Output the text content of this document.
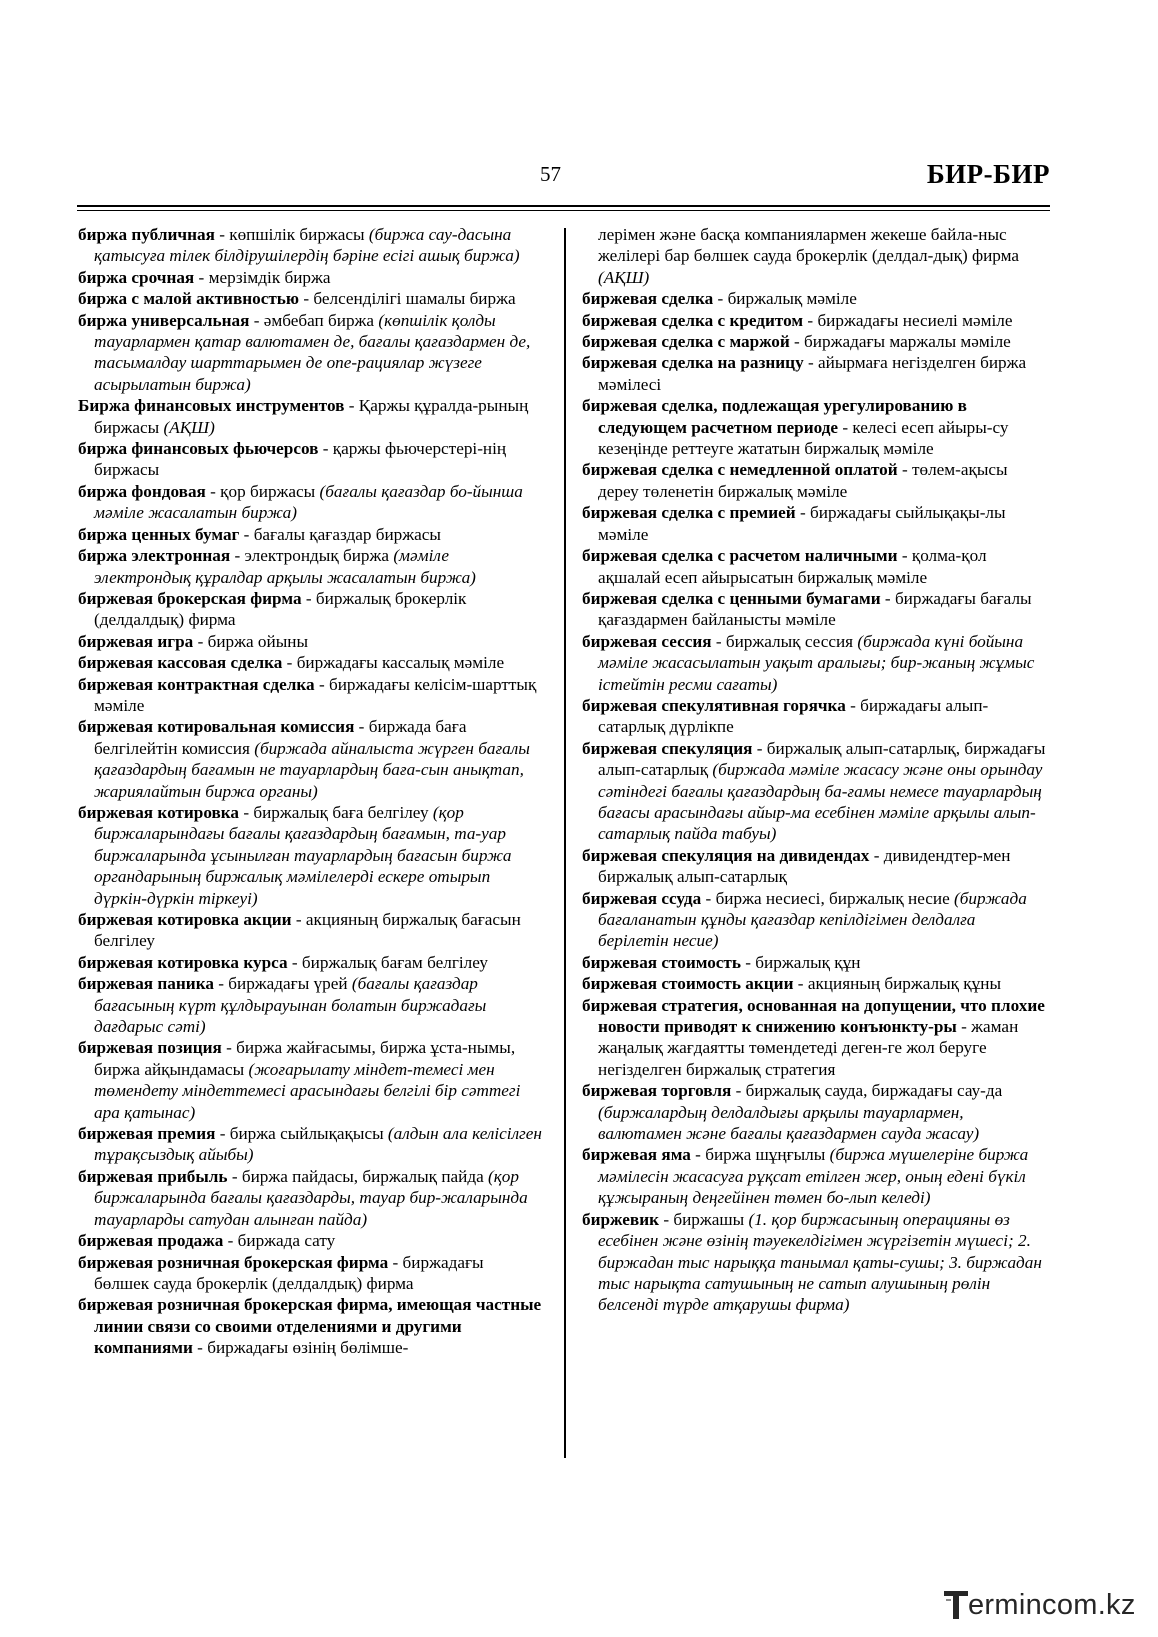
57	БИР-БИР

биржа публичная - көпшілік биржасы (биржа сау-дасына қатысуға тілек білдірушілердің бәріне есігі ашық биржа)

биржа срочная - мерзімдік биржа

биржа с малой активностью - белсенділігі шамалы биржа

биржа универсальная - әмбебап биржа (көпшілік қолды тауарлармен қатар валютамен де, бағалы қағаздармен де, тасымалдау шарттарымен де опе-рациялар жүзеге асырылатын биржа)

Биржа финансовых инструментов - Қаржы құралда-рының биржасы (АҚШ)

биржа финансовых фьючерсов - қаржы фьючерстері-нің биржасы

биржа фондовая - қор биржасы (бағалы қағаздар бо-йынша мәміле жасалатын биржа)

биржа ценных бумаг - бағалы қағаздар биржасы

биржа электронная - электрондық биржа (мәміле электрондық құралдар арқылы жасалатын биржа)

биржевая брокерская фирма - биржалық брокерлік (делдалдық) фирма

биржевая игра - биржа ойыны

биржевая кассовая сделка - биржадағы кассалық мәміле

биржевая контрактная сделка - биржадағы келісім-шарттық мәміле

биржевая котировальная комиссия - биржада баға белгілейтін комиссия (биржада айналыста жүрген бағалы қағаздардың бағамын не тауарлардың баға-сын анықтап, жариялайтын биржа органы)

биржевая котировка - биржалық баға белгілеу (қор биржаларындағы бағалы қағаздардың бағамын, та-уар биржаларында ұсынылған тауарлардың бағасын биржа органдарының биржалық мәмілелерді ескере отырып дүркін-дүркін тіркеуі)

биржевая котировка акции - акцияның биржалық бағасын белгілеу

биржевая котировка курса - биржалық бағам белгілеу

биржевая паника - биржадағы үрей (бағалы қағаздар бағасының күрт құлдырауынан болатын биржадағы дағдарыс сәті)

биржевая позиция - биржа жайғасымы, биржа ұста-нымы, биржа айқындамасы (жоғарылату міндет-темесі мен төмендету міндеттемесі арасындағы белгілі бір сәттегі ара қатынас)

биржевая премия - биржа сыйлықақысы (алдын ала келісілген тұрақсыздық айыбы)

биржевая прибыль - биржа пайдасы, биржалық пайда (қор биржаларында бағалы қағаздарды, тауар бир-жаларында тауарларды сатудан алынған пайда)

биржевая продажа - биржада сату

биржевая розничная брокерская фирма - биржадағы бөлшек сауда брокерлік (делдалдық) фирма

биржевая розничная брокерская фирма, имеющая частные линии связи со своими отделениями и другими компаниями - биржадағы өзінің бөлімше-

лерімен және басқа компаниялармен жекеше байла-ныс желілері бар бөлшек сауда брокерлік (делдал-дық) фирма (АҚШ)

биржевая сделка - биржалық мәміле

биржевая сделка с кредитом - биржадағы несиелі мәміле

биржевая сделка с маржой - биржадағы маржалы мәміле

биржевая сделка на разницу - айырмаға негізделген биржа мәмілесі

биржевая сделка, подлежащая урегулированию в следующем расчетном периоде - келесі есеп айыры-су кезеңінде реттеуге жататын биржалық мәміле

биржевая сделка с немедленной оплатой - төлем-ақысы дереу төленетін биржалық мәміле

биржевая сделка с премией - биржадағы сыйлықақы-лы мәміле

биржевая сделка с расчетом наличными - қолма-қол ақшалай есеп айырысатын биржалық мәміле

биржевая сделка с ценными бумагами - биржадағы бағалы қағаздармен байланысты мәміле

биржевая сессия - биржалық сессия (биржада күні бойына мәміле жасасылатын уақыт аралығы; бир-жаның жұмыс істейтін ресми сағаты)

биржевая спекулятивная горячка - биржадағы алып-сатарлық дүрлікпе

биржевая спекуляция - биржалық алып-сатарлық, биржадағы алып-сатарлық (биржада мәміле жасасу және оны орындау сәтіндегі бағалы қағаздардың ба-ғамы немесе тауарлардың бағасы арасындағы айыр-ма есебінен мәміле арқылы алып-сатарлық пайда табуы)

биржевая спекуляция на дивидендах - дивидендтер-мен биржалық алып-сатарлық

биржевая ссуда - биржа несиесі, биржалық несие (биржада бағаланатын құнды қағаздар кепілдігімен делдалға берілетін несие)

биржевая стоимость - биржалық құн

биржевая стоимость акции - акцияның биржалық құны

биржевая стратегия, основанная на допущении, что плохие новости приводят к снижению конъюнкту-ры - жаман жаңалық жағдаятты төмендетеді деген-ге жол беруге негізделген биржалық стратегия

биржевая торговля - биржалық сауда, биржадағы сау-да (биржалардың делдалдығы арқылы тауарлармен, валютамен және бағалы қағаздармен сауда жасау)

биржевая яма - биржа шұңғылы (биржа мүшелеріне биржа мәмілесін жасасуға рұқсат етілген жер, оның едені бүкіл құжыраның деңгейінен төмен бо-лып келеді)

биржевик - биржашы (1. қор биржасының операцияны өз есебінен және өзінің тәуекелдігімен жүргізетін мүшесі; 2. биржадан тыс нарыққа танымал қаты-сушы; 3. биржадан тыс нарықта сатушының не сатып алушының рөлін белсенді түрде атқарушы фирма)

ermincom.kz
